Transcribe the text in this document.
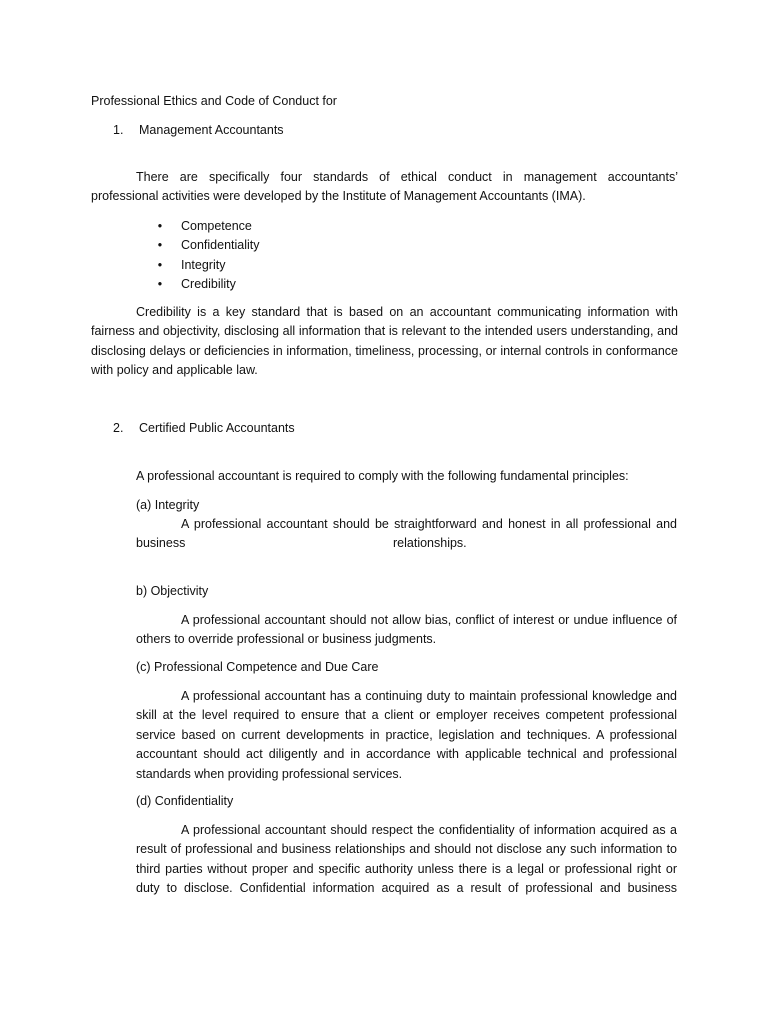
Professional Ethics and Code of Conduct for
1. Management Accountants
There are specifically four standards of ethical conduct in management accountants’
professional activities were developed by the Institute of Management Accountants (IMA).
• Competence
• Confidentiality
• Integrity
• Credibility

Credibility is a key standard that is based on an accountant communicating information with fairness and objectivity, disclosing all information that is relevant to the intended users understanding, and disclosing delays or deficiencies in information, timeliness, processing, or internal controls in conformance with policy and applicable law.

2. Certified Public Accountants
A professional accountant is required to comply with the following fundamental principles:
(a) Integrity
A professional accountant should be straightforward and honest in all professional and
business	relationships.
b) Objectivity

A professional accountant should not allow bias, conflict of interest or undue influence of others to override professional or business judgments.

(c) Professional Competence and Due Care

A professional accountant has a continuing duty to maintain professional knowledge and skill at the level required to ensure that a client or employer receives competent professional service based on current developments in practice, legislation and techniques. A professional accountant should act diligently and in accordance with applicable technical and professional standards when providing professional services.

(d) Confidentiality

A professional accountant should respect the confidentiality of information acquired as a result of professional and business relationships and should not disclose any such information to third parties without proper and specific authority unless there is a legal or professional right or duty to disclose. Confidential information acquired as a result of professional and business
